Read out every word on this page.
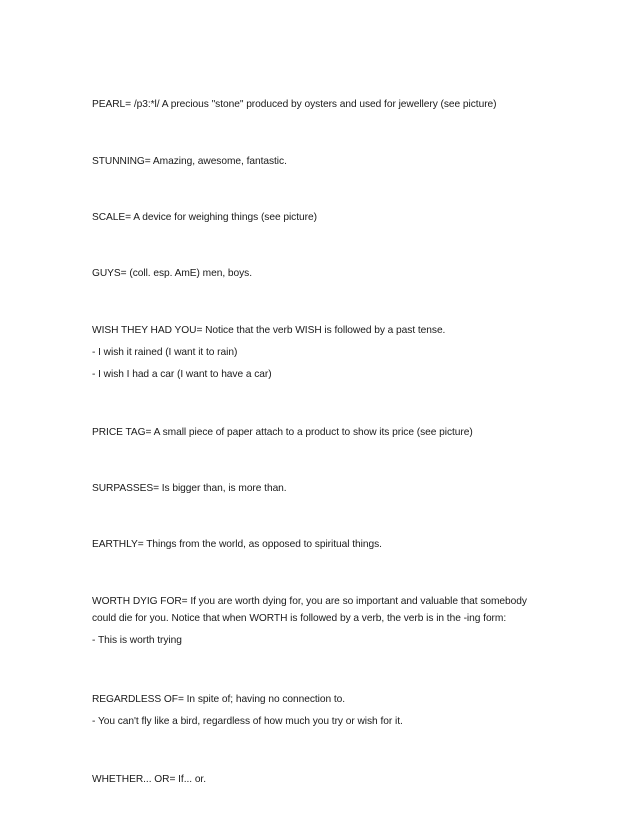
PEARL= /p3:*l/ A precious "stone" produced by oysters and used for jewellery (see picture)
STUNNING= Amazing, awesome, fantastic.
SCALE= A device for weighing things (see picture)
GUYS= (coll. esp. AmE) men, boys.
WISH THEY HAD YOU= Notice that the verb WISH is followed by a past tense.
- I wish it rained (I want it to rain)
- I wish I had a car (I want to have a car)
PRICE TAG= A small piece of paper attach to a product to show its price (see picture)
SURPASSES= Is bigger than, is more than.
EARTHLY= Things from the world, as opposed to spiritual things.
WORTH DYIG FOR= If you are worth dying for, you are so important and valuable that somebody
could die for you. Notice that when WORTH is followed by a verb, the verb is in the -ing form:
- This is worth trying
REGARDLESS OF= In spite of; having no connection to.
- You can't fly like a bird, regardless of how much you try or wish for it.
WHETHER... OR= If... or.
